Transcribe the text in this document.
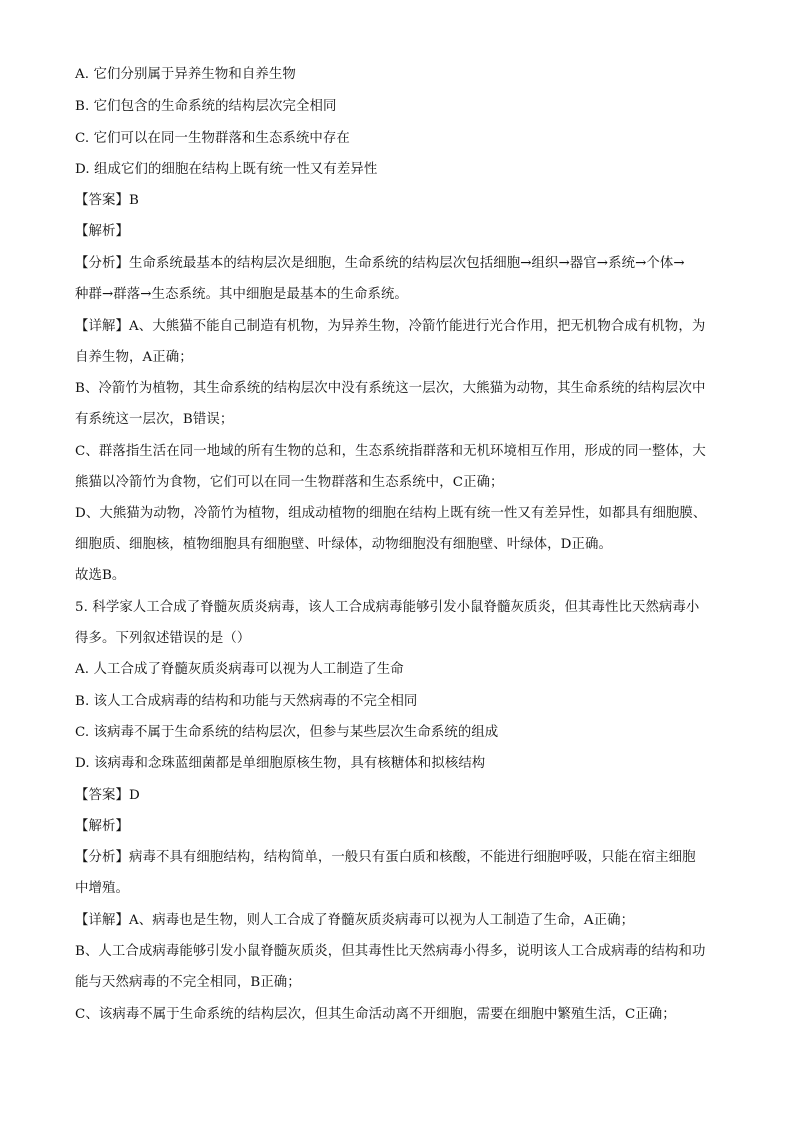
A. 它们分别属于异养生物和自养生物
B. 它们包含的生命系统的结构层次完全相同
C. 它们可以在同一生物群落和生态系统中存在
D. 组成它们的细胞在结构上既有统一性又有差异性
【答案】B
【解析】
【分析】生命系统最基本的结构层次是细胞，生命系统的结构层次包括细胞→组织→器官→系统→个体→
种群→群落→生态系统。其中细胞是最基本的生命系统。
【详解】A、大熊猫不能自己制造有机物，为异养生物，冷箭竹能进行光合作用，把无机物合成有机物，为
自养生物，A正确；
B、冷箭竹为植物，其生命系统的结构层次中没有系统这一层次，大熊猫为动物，其生命系统的结构层次中
有系统这一层次，B错误；
C、群落指生活在同一地域的所有生物的总和，生态系统指群落和无机环境相互作用，形成的同一整体，大
熊猫以冷箭竹为食物，它们可以在同一生物群落和生态系统中，C正确；
D、大熊猫为动物，冷箭竹为植物，组成动植物的细胞在结构上既有统一性又有差异性，如都具有细胞膜、
细胞质、细胞核，植物细胞具有细胞壁、叶绿体，动物细胞没有细胞壁、叶绿体，D正确。
故选B。
5. 科学家人工合成了脊髓灰质炎病毒，该人工合成病毒能够引发小鼠脊髓灰质炎，但其毒性比天然病毒小
得多。下列叙述错误的是（）
A. 人工合成了脊髓灰质炎病毒可以视为人工制造了生命
B. 该人工合成病毒的结构和功能与天然病毒的不完全相同
C. 该病毒不属于生命系统的结构层次，但参与某些层次生命系统的组成
D. 该病毒和念珠蓝细菌都是单细胞原核生物，具有核糖体和拟核结构
【答案】D
【解析】
【分析】病毒不具有细胞结构，结构简单，一般只有蛋白质和核酸，不能进行细胞呼吸，只能在宿主细胞
中增殖。
【详解】A、病毒也是生物，则人工合成了脊髓灰质炎病毒可以视为人工制造了生命，A正确；
B、人工合成病毒能够引发小鼠脊髓灰质炎，但其毒性比天然病毒小得多，说明该人工合成病毒的结构和功
能与天然病毒的不完全相同，B正确；
C、该病毒不属于生命系统的结构层次，但其生命活动离不开细胞，需要在细胞中繁殖生活，C正确；
